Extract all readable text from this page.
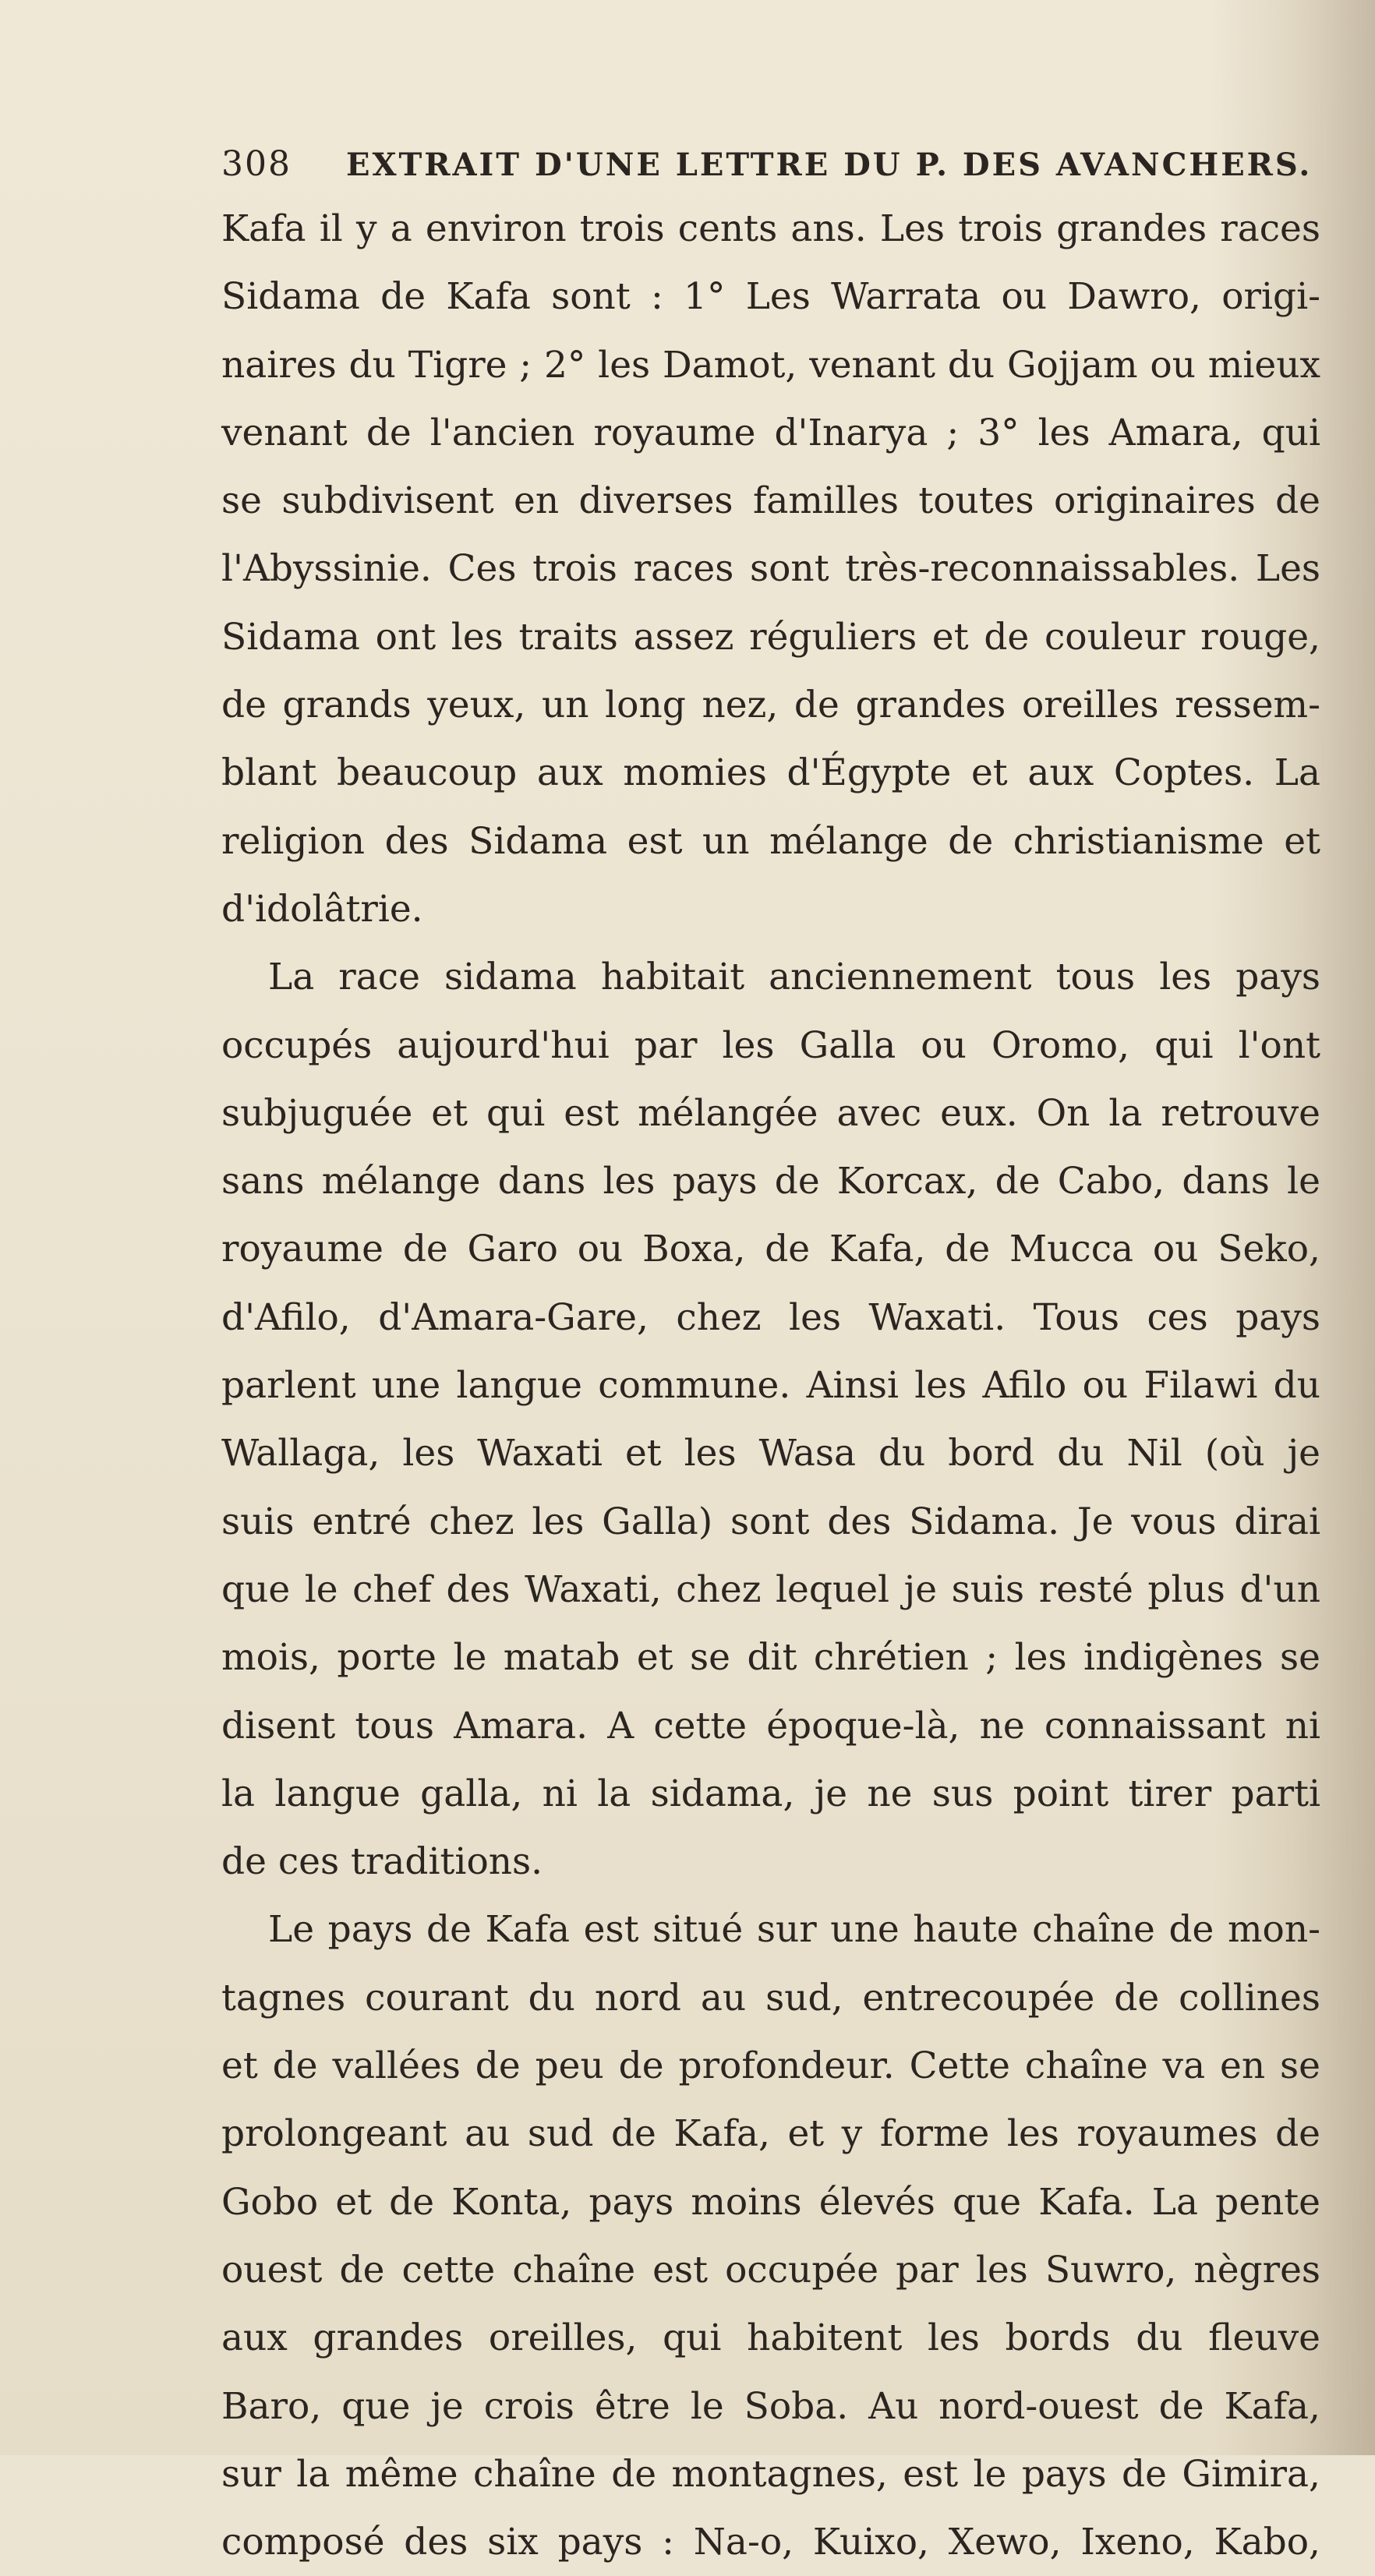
308 EXTRAIT D'UNE LETTRE DU P. DES AVANCHERS.
Kafa il y a environ trois cents ans. Les trois grandes races
Sidama de Kafa sont : 1° Les Warrata ou Dawro, origi-
naires du Tigre ; 2° les Damot, venant du Gojjam ou mieux
venant de l'ancien royaume d'Inarya ; 3° les Amara, qui
se subdivisent en diverses familles toutes originaires de
l'Abyssinie. Ces trois races sont très-reconnaissables. Les
Sidama ont les traits assez réguliers et de couleur rouge,
de grands yeux, un long nez, de grandes oreilles ressem-
blant beaucoup aux momies d'Égypte et aux Coptes. La
religion des Sidama est un mélange de christianisme et
d'idolâtrie.
La race sidama habitait anciennement tous les pays
occupés aujourd'hui par les Galla ou Oromo, qui l'ont
subjuguée et qui est mélangée avec eux. On la retrouve
sans mélange dans les pays de Korcax, de Cabo, dans le
royaume de Garo ou Boxa, de Kafa, de Mucca ou Seko,
d'Afilo, d'Amara-Gare, chez les Waxati. Tous ces pays
parlent une langue commune. Ainsi les Afilo ou Filawi du
Wallaga, les Waxati et les Wasa du bord du Nil (où je
suis entré chez les Galla) sont des Sidama. Je vous dirai
que le chef des Waxati, chez lequel je suis resté plus d'un
mois, porte le matab et se dit chrétien ; les indigènes se
disent tous Amara. A cette époque-là, ne connaissant ni
la langue galla, ni la sidama, je ne sus point tirer parti
de ces traditions.
Le pays de Kafa est situé sur une haute chaîne de mon-
tagnes courant du nord au sud, entrecoupée de collines
et de vallées de peu de profondeur. Cette chaîne va en se
prolongeant au sud de Kafa, et y forme les royaumes de
Gobo et de Konta, pays moins élevés que Kafa. La pente
ouest de cette chaîne est occupée par les Suwro, nègres
aux grandes oreilles, qui habitent les bords du fleuve
Baro, que je crois être le Soba. Au nord-ouest de Kafa,
sur la même chaîne de montagnes, est le pays de Gimira,
composé des six pays : Na-o, Kuixo, Xewo, Ixeno, Kabo,
